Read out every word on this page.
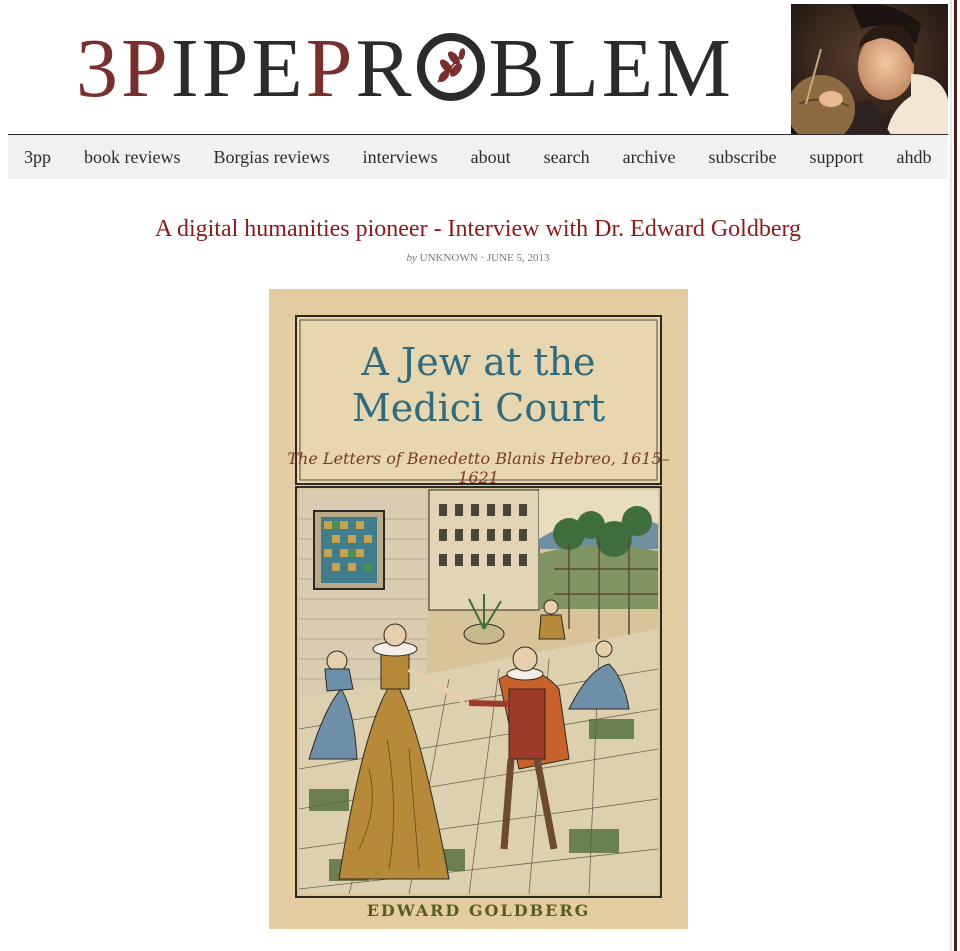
3P IPE P R BLEM
3pp	book reviews	Borgias reviews	interviews	about	search	archive	subscribe	support	ahdb
A digital humanities pioneer - Interview with Dr. Edward Goldberg
by UNKNOWN · JUNE 5, 2013
A Jew at the
Medici Court
The Letters of Benedetto Blanis Hebreo, 1615–1621
EDWARD GOLDBERG
